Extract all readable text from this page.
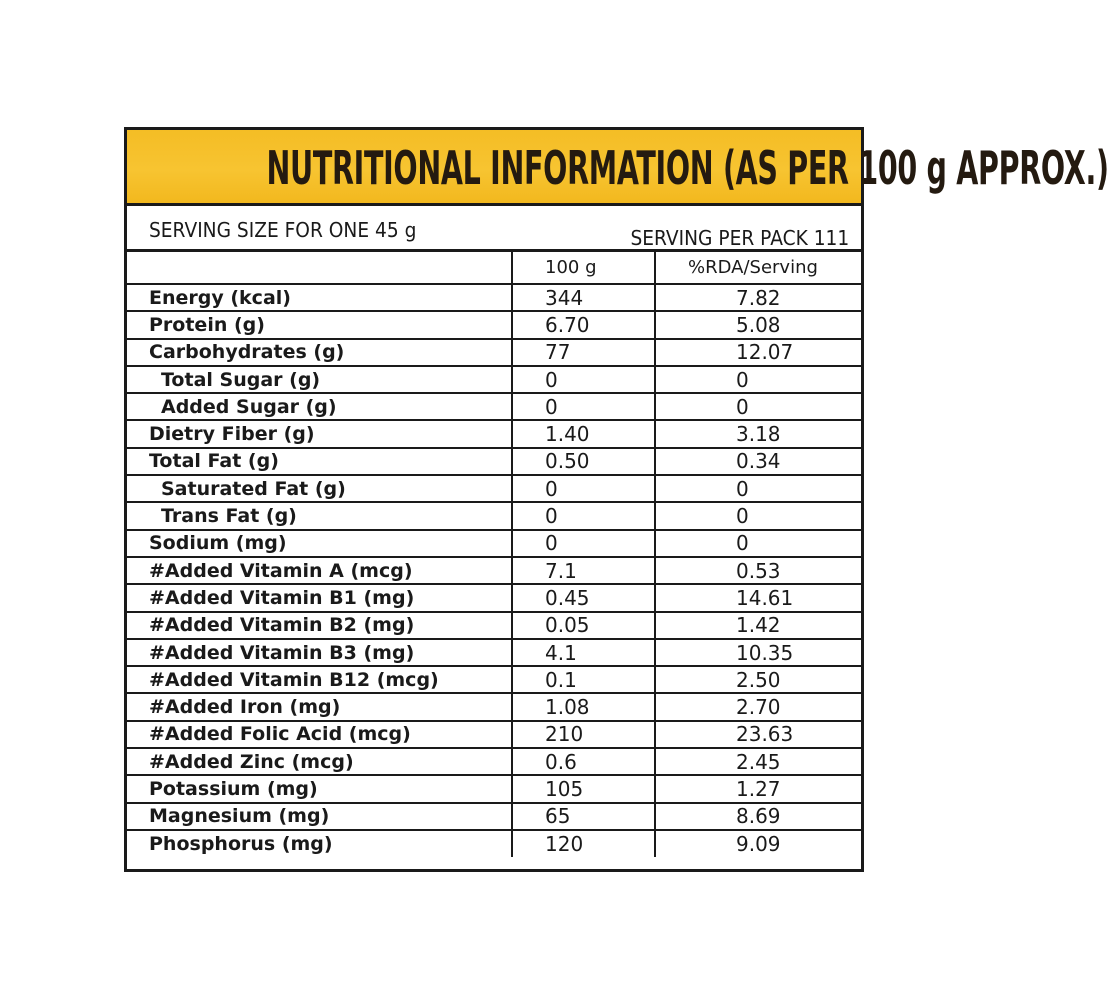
NUTRITIONAL INFORMATION (AS PER 100 g APPROX.)
SERVING SIZE FOR ONE 45 g	SERVING PER PACK 111
	100 g	%RDA/Serving
Energy (kcal)	344	7.82
Protein (g)	6.70	5.08
Carbohydrates (g)	77	12.07
Total Sugar (g)	0	0
Added Sugar (g)	0	0
Dietry Fiber (g)	1.40	3.18
Total Fat (g)	0.50	0.34
Saturated Fat (g)	0	0
Trans Fat (g)	0	0
Sodium (mg)	0	0
#Added Vitamin A (mcg)	7.1	0.53
#Added Vitamin B1 (mg)	0.45	14.61
#Added Vitamin B2 (mg)	0.05	1.42
#Added Vitamin B3 (mg)	4.1	10.35
#Added Vitamin B12 (mcg)	0.1	2.50
#Added Iron (mg)	1.08	2.70
#Added Folic Acid (mcg)	210	23.63
#Added Zinc (mcg)	0.6	2.45
Potassium (mg)	105	1.27
Magnesium (mg)	65	8.69
Phosphorus (mg)	120	9.09
